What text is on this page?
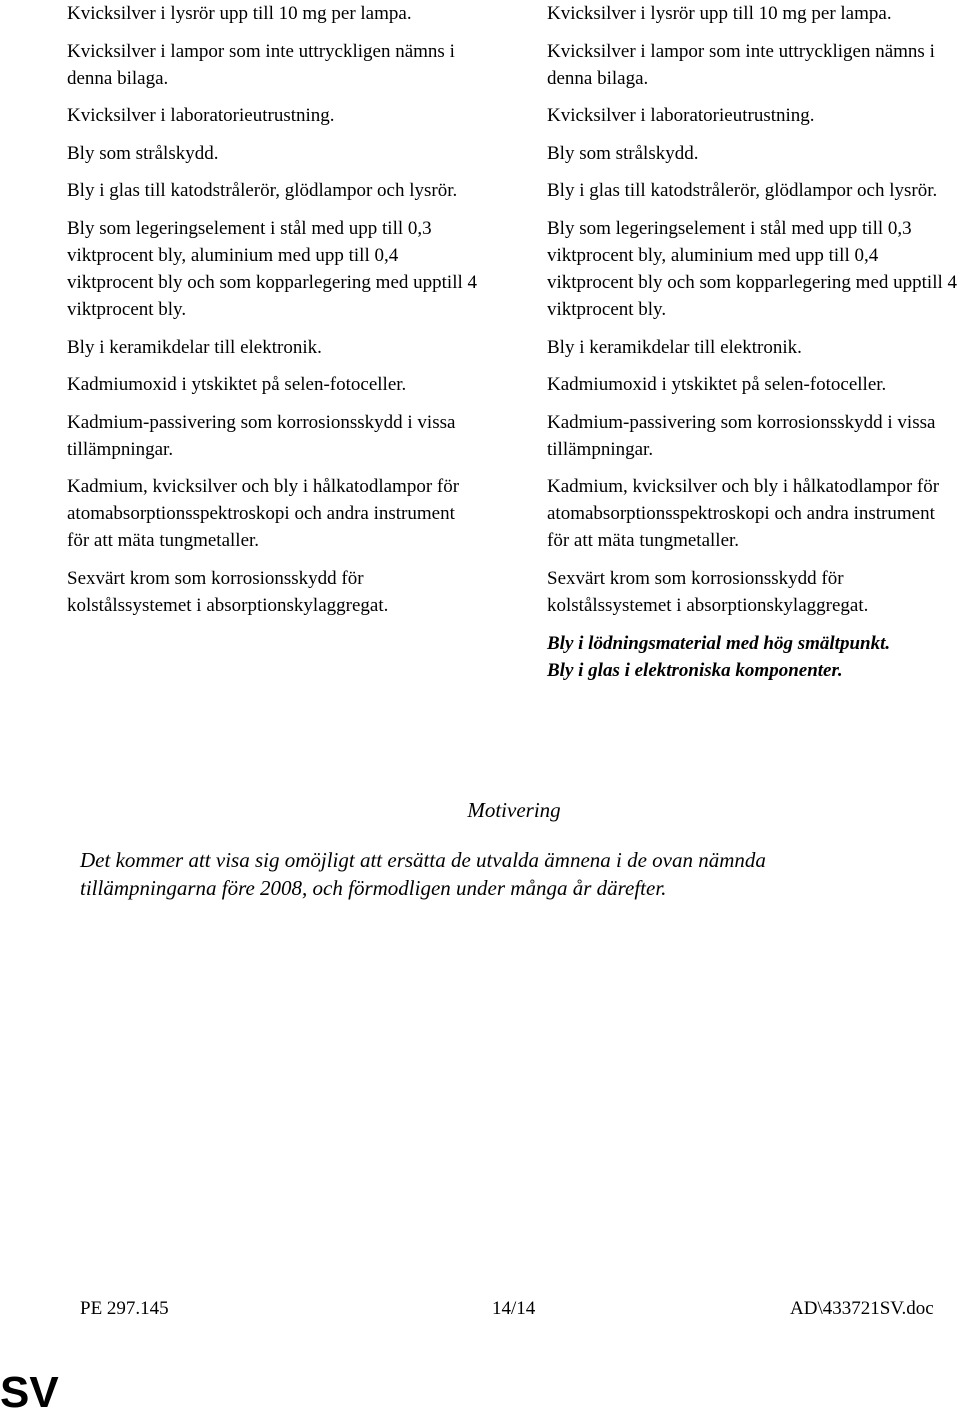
Kvicksilver i lysrör upp till 10 mg per lampa.

Kvicksilver i lampor som inte uttryckligen nämns i denna bilaga.

Kvicksilver i laboratorieutrustning.

Bly som strålskydd.

Bly i glas till katodstrålerör, glödlampor och lysrör.

Bly som legeringselement i stål med upp till 0,3 viktprocent bly, aluminium med upp till 0,4 viktprocent bly och som kopparlegering med upptill 4 viktprocent bly.

Bly i keramikdelar till elektronik.

Kadmiumoxid i ytskiktet på selen-fotoceller.

Kadmium-passivering som korrosionsskydd i vissa tillämpningar.

Kadmium, kvicksilver och bly i hålkatodlampor för atomabsorptionsspektroskopi och andra instrument för att mäta tungmetaller.

Sexvärt krom som korrosionsskydd för kolstålssystemet i absorptionskylaggregat.

Kvicksilver i lysrör upp till 10 mg per lampa.

Kvicksilver i lampor som inte uttryckligen nämns i denna bilaga.

Kvicksilver i laboratorieutrustning.

Bly som strålskydd.

Bly i glas till katodstrålerör, glödlampor och lysrör.

Bly som legeringselement i stål med upp till 0,3 viktprocent bly, aluminium med upp till 0,4 viktprocent bly och som kopparlegering med upptill 4 viktprocent bly.

Bly i keramikdelar till elektronik.

Kadmiumoxid i ytskiktet på selen-fotoceller.

Kadmium-passivering som korrosionsskydd i vissa tillämpningar.

Kadmium, kvicksilver och bly i hålkatodlampor för atomabsorptionsspektroskopi och andra instrument för att mäta tungmetaller.

Sexvärt krom som korrosionsskydd för kolstålssystemet i absorptionskylaggregat.

Bly i lödningsmaterial med hög smältpunkt.

Bly i glas i elektroniska komponenter.

Motivering
Det kommer att visa sig omöjligt att ersätta de utvalda ämnena i de ovan nämnda tillämpningarna före 2008, och förmodligen under många år därefter.
PE 297.145	14/14	AD\433721SV.doc
SV
